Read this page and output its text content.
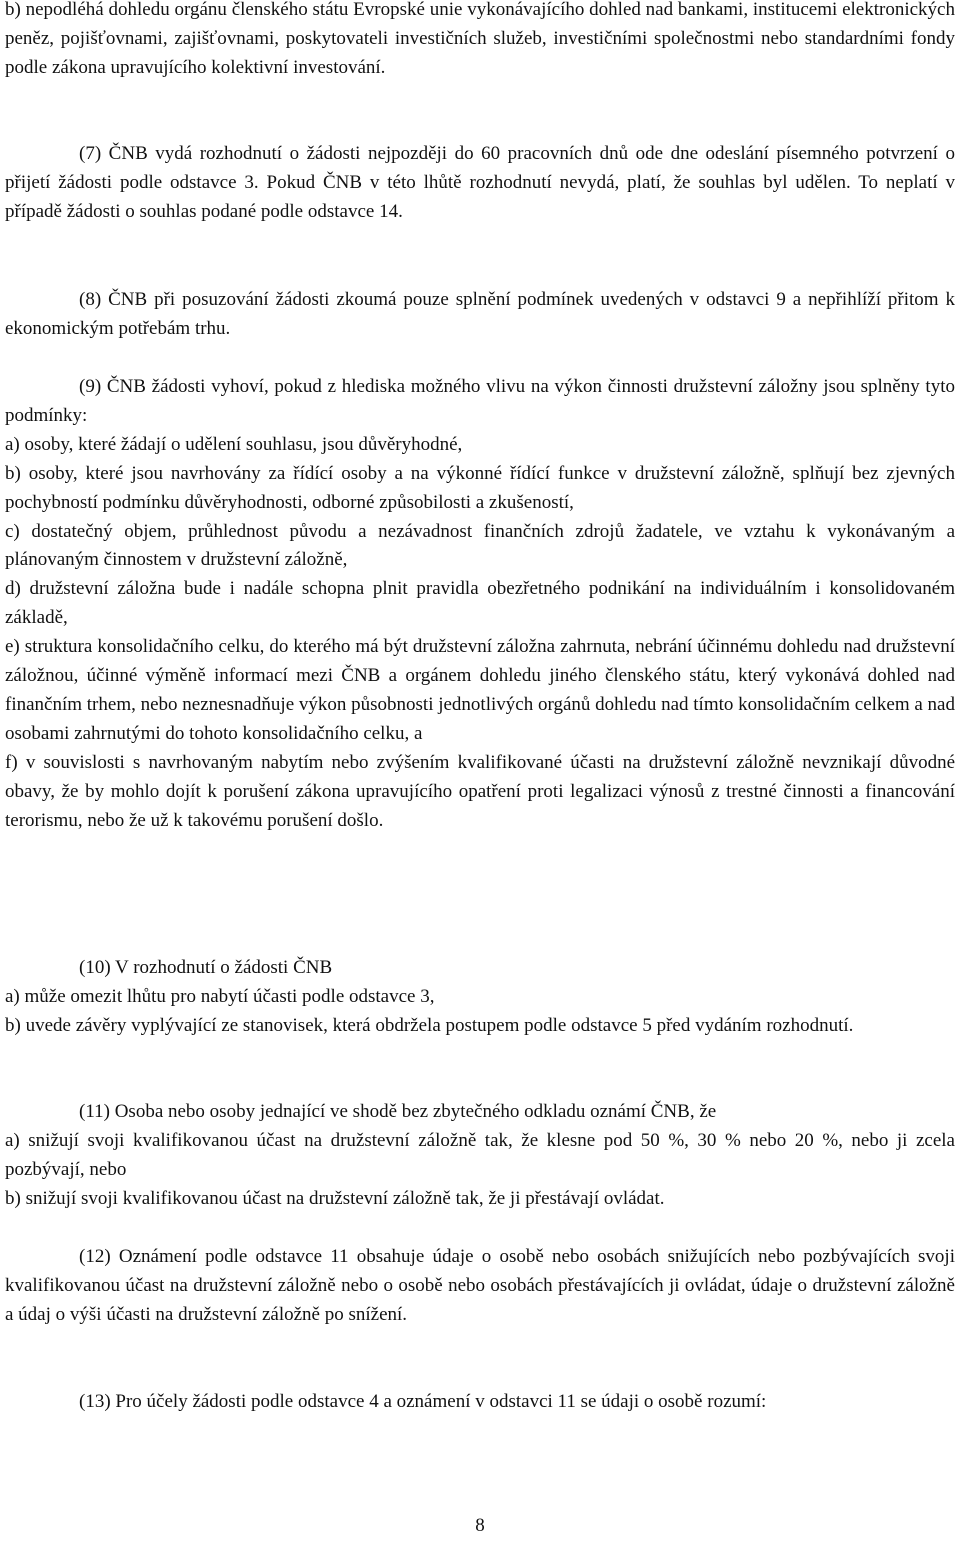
b) nepodléhá dohledu orgánu členského státu Evropské unie vykonávajícího dohled nad bankami, institucemi elektronických peněz, pojišťovnami, zajišťovnami, poskytovateli investičních služeb, investičními společnostmi nebo standardními fondy podle zákona upravujícího kolektivní investování.

(7) ČNB vydá rozhodnutí o žádosti nejpozději do 60 pracovních dnů ode dne odeslání písemného potvrzení o přijetí žádosti podle odstavce 3. Pokud ČNB v této lhůtě rozhodnutí nevydá, platí, že souhlas byl udělen. To neplatí v případě žádosti o souhlas podané podle odstavce 14.

(8) ČNB při posuzování žádosti zkoumá pouze splnění podmínek uvedených v odstavci 9 a nepřihlíží přitom k ekonomickým potřebám trhu.

(9) ČNB žádosti vyhoví, pokud z hlediska možného vlivu na výkon činnosti družstevní záložny jsou splněny tyto podmínky:

a) osoby, které žádají o udělení souhlasu, jsou důvěryhodné,

b) osoby, které jsou navrhovány za řídící osoby a na výkonné řídící funkce v družstevní záložně, splňují bez zjevných pochybností podmínku důvěryhodnosti, odborné způsobilosti a zkušeností,

c) dostatečný objem, průhlednost původu a nezávadnost finančních zdrojů žadatele, ve vztahu k vykonávaným a plánovaným činnostem v družstevní záložně,

d) družstevní záložna bude i nadále schopna plnit pravidla obezřetného podnikání na individuálním i konsolidovaném základě,

e) struktura konsolidačního celku, do kterého má být družstevní záložna zahrnuta, nebrání účinnému dohledu nad družstevní záložnou, účinné výměně informací mezi ČNB a orgánem dohledu jiného členského státu, který vykonává dohled nad finančním trhem, nebo neznesnadňuje výkon působnosti jednotlivých orgánů dohledu nad tímto konsolidačním celkem a nad osobami zahrnutými do tohoto konsolidačního celku, a

f) v souvislosti s navrhovaným nabytím nebo zvýšením kvalifikované účasti na družstevní záložně nevznikají důvodné obavy, že by mohlo dojít k porušení zákona upravujícího opatření proti legalizaci výnosů z trestné činnosti a financování terorismu, nebo že už k takovému porušení došlo.

(10) V rozhodnutí o žádosti ČNB

a) může omezit lhůtu pro nabytí účasti podle odstavce 3,

b) uvede závěry vyplývající ze stanovisek, která obdržela postupem podle odstavce 5 před vydáním rozhodnutí.

(11) Osoba nebo osoby jednající ve shodě bez zbytečného odkladu oznámí ČNB, že

a) snižují svoji kvalifikovanou účast na družstevní záložně tak, že klesne pod 50 %, 30 % nebo 20 %, nebo ji zcela pozbývají, nebo

b) snižují svoji kvalifikovanou účast na družstevní záložně tak, že ji přestávají ovládat.

(12) Oznámení podle odstavce 11 obsahuje údaje o osobě nebo osobách snižujících nebo pozbývajících svoji kvalifikovanou účast na družstevní záložně nebo o osobě nebo osobách přestávajících ji ovládat, údaje o družstevní záložně a údaj o výši účasti na družstevní záložně po snížení.

(13) Pro účely žádosti podle odstavce 4 a oznámení v odstavci 11 se údaji o osobě rozumí:

8
